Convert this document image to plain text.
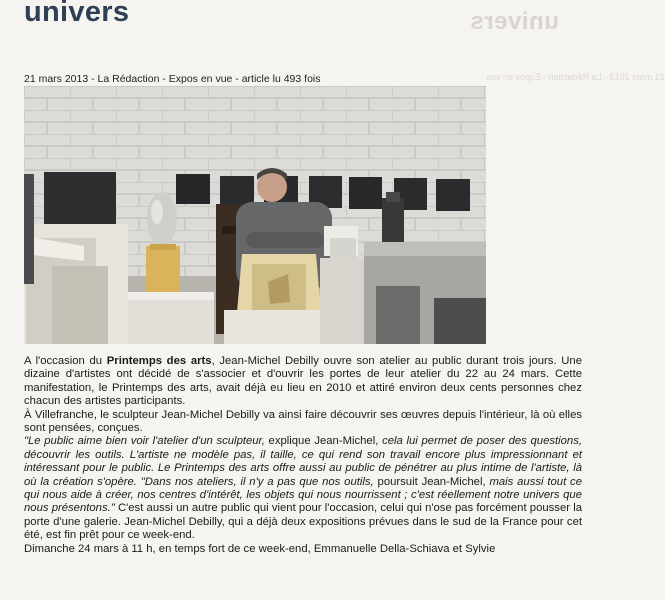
univers
21 mars 2013 - La Rédaction - Expos en vue
univers
21 mars 2013 - La Rédaction - Expos en vue - article lu 493 fois

A l'occasion du Printemps des arts, Jean-Michel Debilly ouvre son atelier au public durant trois jours. Une dizaine d'artistes ont décidé de s'associer et d'ouvrir les portes de leur atelier du 22 au 24 mars. Cette manifestation, le Printemps des arts, avait déjà eu lieu en 2010 et attiré environ deux cents personnes chez chacun des artistes participants.

À Villefranche, le sculpteur Jean-Michel Debilly va ainsi faire découvrir ses œuvres depuis l'intérieur, là où elles sont pensées, conçues.

"Le public aime bien voir l'atelier d'un sculpteur, explique Jean-Michel, cela lui permet de poser des questions, découvrir les outils. L'artiste ne modèle pas, il taille, ce qui rend son travail encore plus impressionnant et intéressant pour le public. Le Printemps des arts offre aussi au public de pénétrer au plus intime de l'artiste, là où la création s'opère. "Dans nos ateliers, il n'y a pas que nos outils, poursuit Jean-Michel, mais aussi tout ce qui nous aide à créer, nos centres d'intérêt, les objets qui nous nourrissent ; c'est réellement notre univers que nous présentons." C'est aussi un autre public qui vient pour l'occasion, celui qui n'ose pas forcément pousser la porte d'une galerie. Jean-Michel Debilly, qui a déjà deux expositions prévues dans le sud de la France pour cet été, est fin prêt pour ce week-end.

Dimanche 24 mars à 11 h, en temps fort de ce week-end, Emmanuelle Della-Schiava et Sylvie
